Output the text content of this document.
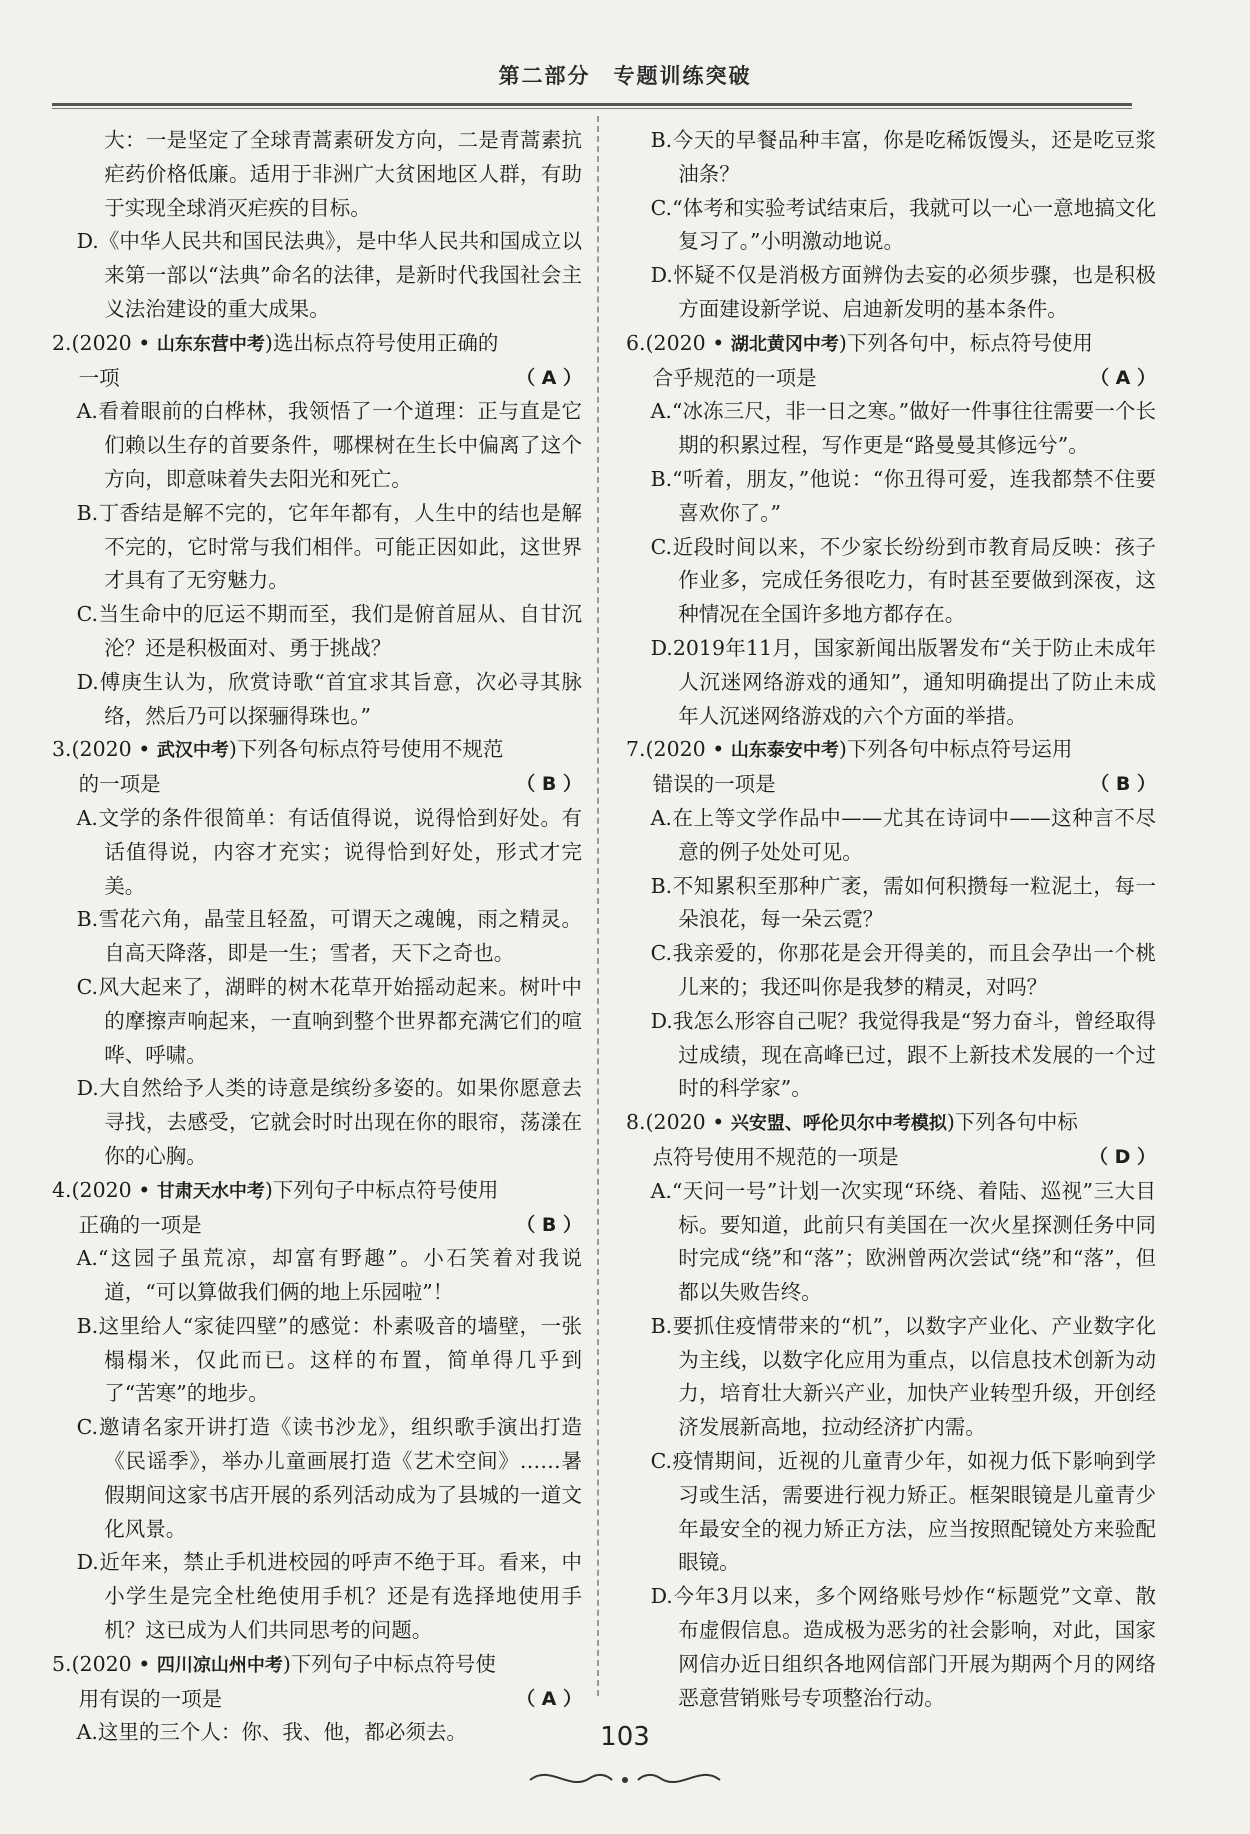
第二部分　专题训练突破

大：一是坚定了全球青蒿素研发方向，二是青蒿素抗疟药价格低廉。适用于非洲广大贫困地区人群，有助于实现全球消灭疟疾的目标。

D.《中华人民共和国民法典》，是中华人民共和国成立以来第一部以“法典”命名的法律，是新时代我国社会主义法治建设的重大成果。

2.(2020 • 山东东营中考)选出标点符号使用正确的

一项	（ A ）

A.看着眼前的白桦林，我领悟了一个道理：正与直是它们赖以生存的首要条件，哪棵树在生长中偏离了这个方向，即意味着失去阳光和死亡。

B.丁香结是解不完的，它年年都有，人生中的结也是解不完的，它时常与我们相伴。可能正因如此，这世界才具有了无穷魅力。

C.当生命中的厄运不期而至，我们是俯首屈从、自甘沉沦？还是积极面对、勇于挑战？

D.傅庚生认为，欣赏诗歌“首宜求其旨意，次必寻其脉络，然后乃可以探骊得珠也。”

3.(2020 • 武汉中考)下列各句标点符号使用不规范

的一项是	（ B ）

A.文学的条件很简单：有话值得说，说得恰到好处。有话值得说，内容才充实；说得恰到好处，形式才完美。

B.雪花六角，晶莹且轻盈，可谓天之魂魄，雨之精灵。自高天降落，即是一生；雪者，天下之奇也。

C.风大起来了，湖畔的树木花草开始摇动起来。树叶中的摩擦声响起来，一直响到整个世界都充满它们的喧哗、呼啸。

D.大自然给予人类的诗意是缤纷多姿的。如果你愿意去寻找，去感受，它就会时时出现在你的眼帘，荡漾在你的心胸。

4.(2020 • 甘肃天水中考)下列句子中标点符号使用

正确的一项是	（ B ）

A.“这园子虽荒凉，却富有野趣”。小石笑着对我说道，“可以算做我们俩的地上乐园啦”！

B.这里给人“家徒四壁”的感觉：朴素吸音的墙壁，一张榻榻米，仅此而已。这样的布置，简单得几乎到了“苦寒”的地步。

C.邀请名家开讲打造《读书沙龙》，组织歌手演出打造《民谣季》，举办儿童画展打造《艺术空间》……暑假期间这家书店开展的系列活动成为了县城的一道文化风景。

D.近年来，禁止手机进校园的呼声不绝于耳。看来，中小学生是完全杜绝使用手机？还是有选择地使用手机？这已成为人们共同思考的问题。

5.(2020 • 四川凉山州中考)下列句子中标点符号使

用有误的一项是	（ A ）

A.这里的三个人：你、我、他，都必须去。

B.今天的早餐品种丰富，你是吃稀饭馒头，还是吃豆浆油条？

C.“体考和实验考试结束后，我就可以一心一意地搞文化复习了。”小明激动地说。

D.怀疑不仅是消极方面辨伪去妄的必须步骤，也是积极方面建设新学说、启迪新发明的基本条件。

6.(2020 • 湖北黄冈中考)下列各句中，标点符号使用

合乎规范的一项是	（ A ）

A.“冰冻三尺，非一日之寒。”做好一件事往往需要一个长期的积累过程，写作更是“路曼曼其修远兮”。

B.“听着，朋友，”他说：“你丑得可爱，连我都禁不住要喜欢你了。”

C.近段时间以来，不少家长纷纷到市教育局反映：孩子作业多，完成任务很吃力，有时甚至要做到深夜，这种情况在全国许多地方都存在。

D.2019年11月，国家新闻出版署发布“关于防止未成年人沉迷网络游戏的通知”，通知明确提出了防止未成年人沉迷网络游戏的六个方面的举措。

7.(2020 • 山东泰安中考)下列各句中标点符号运用

错误的一项是	（ B ）

A.在上等文学作品中——尤其在诗词中——这种言不尽意的例子处处可见。

B.不知累积至那种广袤，需如何积攒每一粒泥土，每一朵浪花，每一朵云霓？

C.我亲爱的，你那花是会开得美的，而且会孕出一个桃儿来的；我还叫你是我梦的精灵，对吗？

D.我怎么形容自己呢？我觉得我是“努力奋斗，曾经取得过成绩，现在高峰已过，跟不上新技术发展的一个过时的科学家”。

8.(2020 • 兴安盟、呼伦贝尔中考模拟)下列各句中标

点符号使用不规范的一项是	（ D ）

A.“天问一号”计划一次实现“环绕、着陆、巡视”三大目标。要知道，此前只有美国在一次火星探测任务中同时完成“绕”和“落”；欧洲曾两次尝试“绕”和“落”，但都以失败告终。

B.要抓住疫情带来的“机”，以数字产业化、产业数字化为主线，以数字化应用为重点，以信息技术创新为动力，培育壮大新兴产业，加快产业转型升级，开创经济发展新高地，拉动经济扩内需。

C.疫情期间，近视的儿童青少年，如视力低下影响到学习或生活，需要进行视力矫正。框架眼镜是儿童青少年最安全的视力矫正方法，应当按照配镜处方来验配眼镜。

D.今年3月以来，多个网络账号炒作“标题党”文章、散布虚假信息。造成极为恶劣的社会影响，对此，国家网信办近日组织各地网信部门开展为期两个月的网络恶意营销账号专项整治行动。

103
